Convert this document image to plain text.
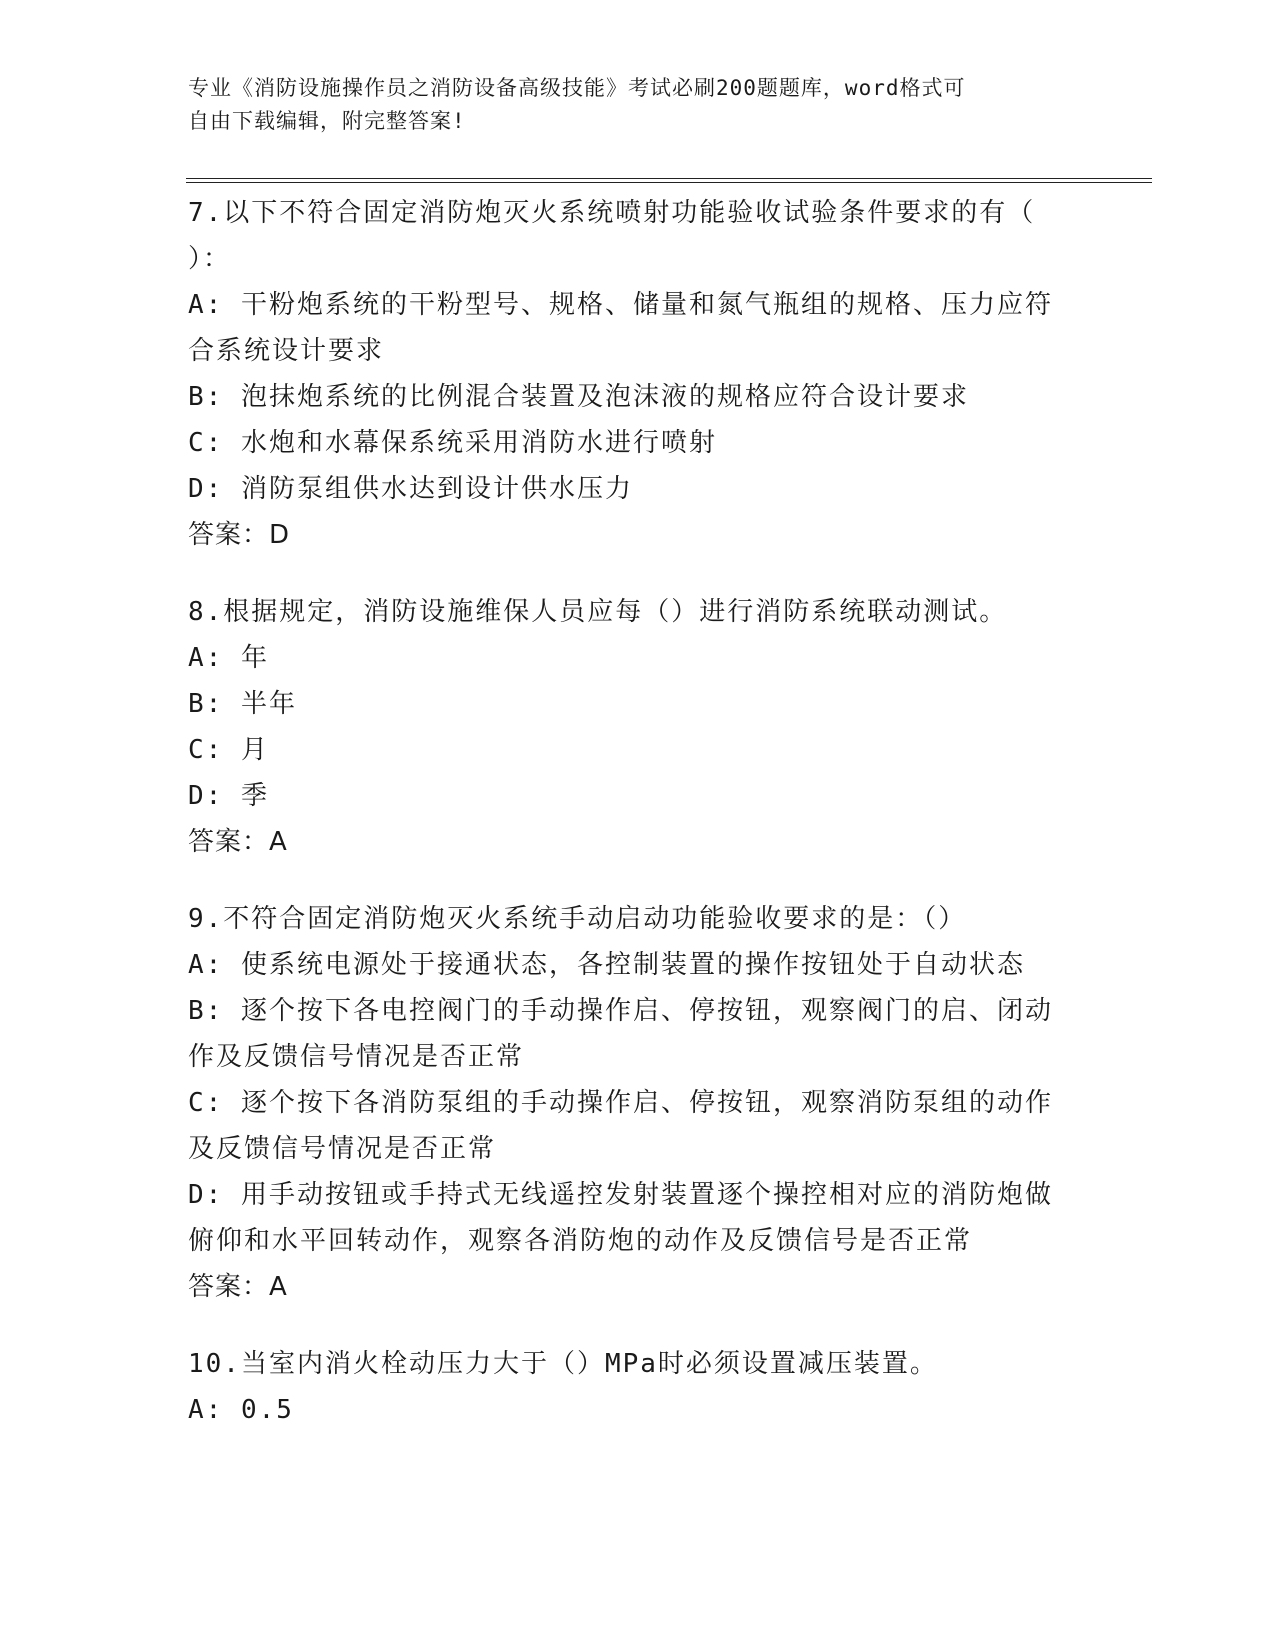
专业《消防设施操作员之消防设备高级技能》考试必刷200题题库，word格式可
自由下载编辑，附完整答案!
7.以下不符合固定消防炮灭火系统喷射功能验收试验条件要求的有（
）：
A: 干粉炮系统的干粉型号、规格、储量和氮气瓶组的规格、压力应符
合系统设计要求
B: 泡抹炮系统的比例混合装置及泡沫液的规格应符合设计要求
C: 水炮和水幕保系统采用消防水进行喷射
D: 消防泵组供水达到设计供水压力
答案：D
8.根据规定，消防设施维保人员应每（）进行消防系统联动测试。
A: 年
B: 半年
C: 月
D: 季
答案：A
9.不符合固定消防炮灭火系统手动启动功能验收要求的是：（）
A: 使系统电源处于接通状态，各控制装置的操作按钮处于自动状态
B: 逐个按下各电控阀门的手动操作启、停按钮，观察阀门的启、闭动
作及反馈信号情况是否正常
C: 逐个按下各消防泵组的手动操作启、停按钮，观察消防泵组的动作
及反馈信号情况是否正常
D: 用手动按钮或手持式无线遥控发射装置逐个操控相对应的消防炮做
俯仰和水平回转动作，观察各消防炮的动作及反馈信号是否正常
答案：A
10.当室内消火栓动压力大于（）MPa时必须设置减压装置。
A: 0.5
